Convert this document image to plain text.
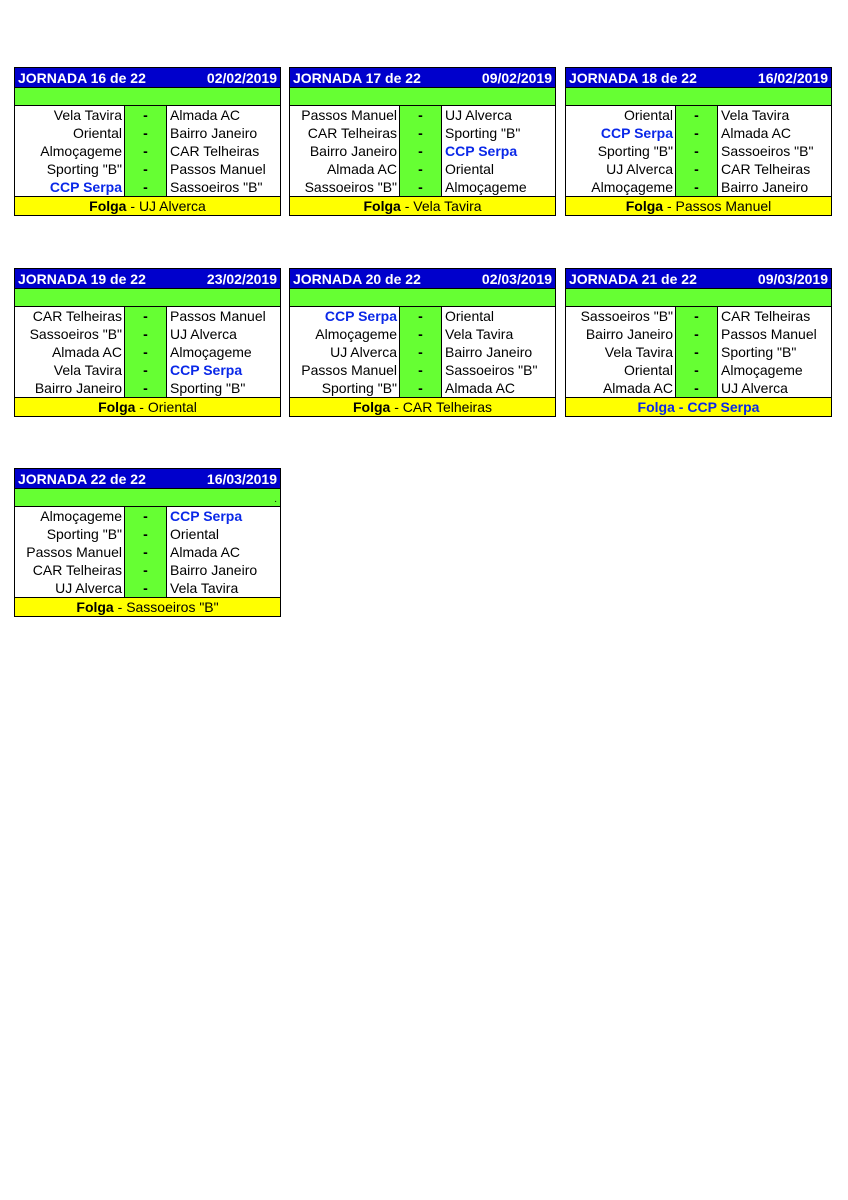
JORNADA 16 de 22	02/02/2019
Vela Tavira	-	Almada AC
Oriental	-	Bairro Janeiro
Almoçageme	-	CAR Telheiras
Sporting "B"	-	Passos Manuel
CCP Serpa	-	Sassoeiros "B"
Folga - UJ Alverca
JORNADA 17 de 22	09/02/2019
Passos Manuel	-	UJ Alverca
CAR Telheiras	-	Sporting "B"
Bairro Janeiro	-	CCP Serpa
Almada AC	-	Oriental
Sassoeiros "B"	-	Almoçageme
Folga - Vela Tavira
JORNADA 18 de 22	16/02/2019
Oriental	-	Vela Tavira
CCP Serpa	-	Almada AC
Sporting "B"	-	Sassoeiros "B"
UJ Alverca	-	CAR Telheiras
Almoçageme	-	Bairro Janeiro
Folga - Passos Manuel
JORNADA 19 de 22	23/02/2019
CAR Telheiras	-	Passos Manuel
Sassoeiros "B"	-	UJ Alverca
Almada AC	-	Almoçageme
Vela Tavira	-	CCP Serpa
Bairro Janeiro	-	Sporting "B"
Folga - Oriental
JORNADA 20 de 22	02/03/2019
CCP Serpa	-	Oriental
Almoçageme	-	Vela Tavira
UJ Alverca	-	Bairro Janeiro
Passos Manuel	-	Sassoeiros "B"
Sporting "B"	-	Almada AC
Folga - CAR Telheiras
JORNADA 21 de 22	09/03/2019
Sassoeiros "B"	-	CAR Telheiras
Bairro Janeiro	-	Passos Manuel
Vela Tavira	-	Sporting "B"
Oriental	-	Almoçageme
Almada AC	-	UJ Alverca
Folga - CCP Serpa
JORNADA 22 de 22	16/03/2019
.
Almoçageme	-	CCP Serpa
Sporting "B"	-	Oriental
Passos Manuel	-	Almada AC
CAR Telheiras	-	Bairro Janeiro
UJ Alverca	-	Vela Tavira
Folga - Sassoeiros "B"
